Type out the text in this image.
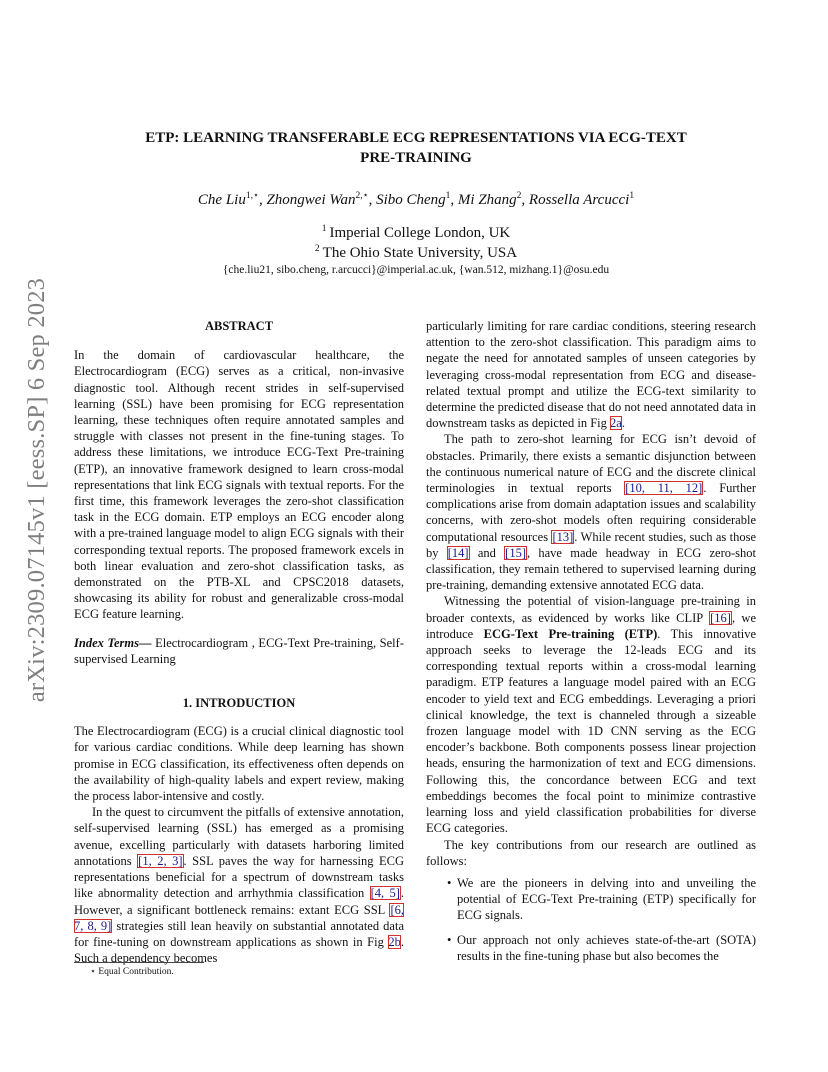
arXiv:2309.07145v1 [eess.SP] 6 Sep 2023
ETP: LEARNING TRANSFERABLE ECG REPRESENTATIONS VIA ECG-TEXT
PRE-TRAINING
Che Liu$^{1,⋆}$, Zhongwei Wan$^{2,⋆}$, Sibo Cheng$^1$, Mi Zhang$^2$, Rossella Arcucci$^1$
$^1$ Imperial College London, UK
$^2$ The Ohio State University, USA
{che.liu21, sibo.cheng, r.arcucci}@imperial.ac.uk, {wan.512, mizhang.1}@osu.edu
ABSTRACT

In the domain of cardiovascular healthcare, the Electrocardiogram (ECG) serves as a critical, non-invasive diagnostic tool. Although recent strides in self-supervised learning (SSL) have been promising for ECG representation learning, these techniques often require annotated samples and struggle with classes not present in the fine-tuning stages. To address these limitations, we introduce ECG-Text Pre-training (ETP), an innovative framework designed to learn cross-modal representations that link ECG signals with textual reports. For the first time, this framework leverages the zero-shot classification task in the ECG domain. ETP employs an ECG encoder along with a pre-trained language model to align ECG signals with their corresponding textual reports. The proposed framework excels in both linear evaluation and zero-shot classification tasks, as demonstrated on the PTB-XL and CPSC2018 datasets, showcasing its ability for robust and generalizable cross-modal ECG feature learning.

Index Terms— Electrocardiogram , ECG-Text Pre-training, Self-supervised Learning

1. INTRODUCTION

The Electrocardiogram (ECG) is a crucial clinical diagnostic tool for various cardiac conditions. While deep learning has shown promise in ECG classification, its effectiveness often depends on the availability of high-quality labels and expert review, making the process labor-intensive and costly.

In the quest to circumvent the pitfalls of extensive annotation, self-supervised learning (SSL) has emerged as a promising avenue, excelling particularly with datasets harboring limited annotations [1, 2, 3]. SSL paves the way for harnessing ECG representations beneficial for a spectrum of downstream tasks like abnormality detection and arrhythmia classification [4, 5]. However, a significant bottleneck remains: extant ECG SSL [6, 7, 8, 9] strategies still lean heavily on substantial annotated data for fine-tuning on downstream applications as shown in Fig 2b. Such a dependency becomes

particularly limiting for rare cardiac conditions, steering research attention to the zero-shot classification. This paradigm aims to negate the need for annotated samples of unseen categories by leveraging cross-modal representation from ECG and disease-related textual prompt and utilize the ECG-text similarity to determine the predicted disease that do not need annotated data in downstream tasks as depicted in Fig 2a.

The path to zero-shot learning for ECG isn’t devoid of obstacles. Primarily, there exists a semantic disjunction between the continuous numerical nature of ECG and the discrete clinical terminologies in textual reports [10, 11, 12]. Further complications arise from domain adaptation issues and scalability concerns, with zero-shot models often requiring considerable computational resources [13]. While recent studies, such as those by [14] and [15], have made headway in ECG zero-shot classification, they remain tethered to supervised learning during pre-training, demanding extensive annotated ECG data.

Witnessing the potential of vision-language pre-training in broader contexts, as evidenced by works like CLIP [16], we introduce ECG-Text Pre-training (ETP). This innovative approach seeks to leverage the 12-leads ECG and its corresponding textual reports within a cross-modal learning paradigm. ETP features a language model paired with an ECG encoder to yield text and ECG embeddings. Leveraging a priori clinical knowledge, the text is channeled through a sizeable frozen language model with 1D CNN serving as the ECG encoder’s backbone. Both components possess linear projection heads, ensuring the harmonization of text and ECG dimensions. Following this, the concordance between ECG and text embeddings becomes the focal point to minimize contrastive learning loss and yield classification probabilities for diverse ECG categories.

The key contributions from our research are outlined as follows:

• We are the pioneers in delving into and unveiling the potential of ECG-Text Pre-training (ETP) specifically for ECG signals.
• Our approach not only achieves state-of-the-art (SOTA) results in the fine-tuning phase but also becomes the
⋆ Equal Contribution.
